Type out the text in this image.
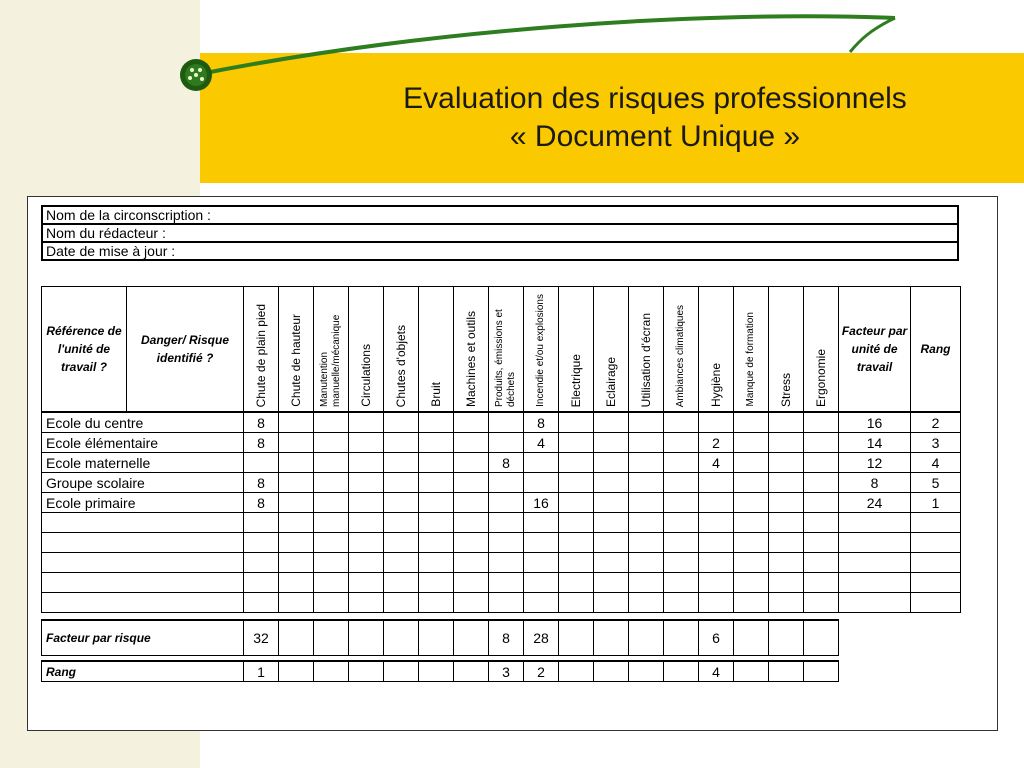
Evaluation des risques professionnels
« Document Unique »
Nom de la circonscription :
Nom du rédacteur :
Date de mise à jour :
Référence de l'unité de travail ?	Danger/ Risque identifié ?	Chute de plain pied	Chute de hauteur	Manutention manuelle/mécanique	Circulations	Chutes d'objets	Bruit	Machines et outils	Produits, émissions et déchets	Incendie et/ou explosions	Electrique	Eclairage	Utilisation d'écran	Ambiances climatiques	Hygiène	Manque de formation	Stress	Ergonomie	Facteur par unité de travail	Rang
Ecole du centre		8								8									16	2
Ecole élémentaire		8								4					2				14	3
Ecole maternelle									8						4				12	4
Groupe scolaire		8																	8	5
Ecole primaire		8								16									24	1

Facteur par risque		32							8	28					6					

Rang		1							3	2					4					
